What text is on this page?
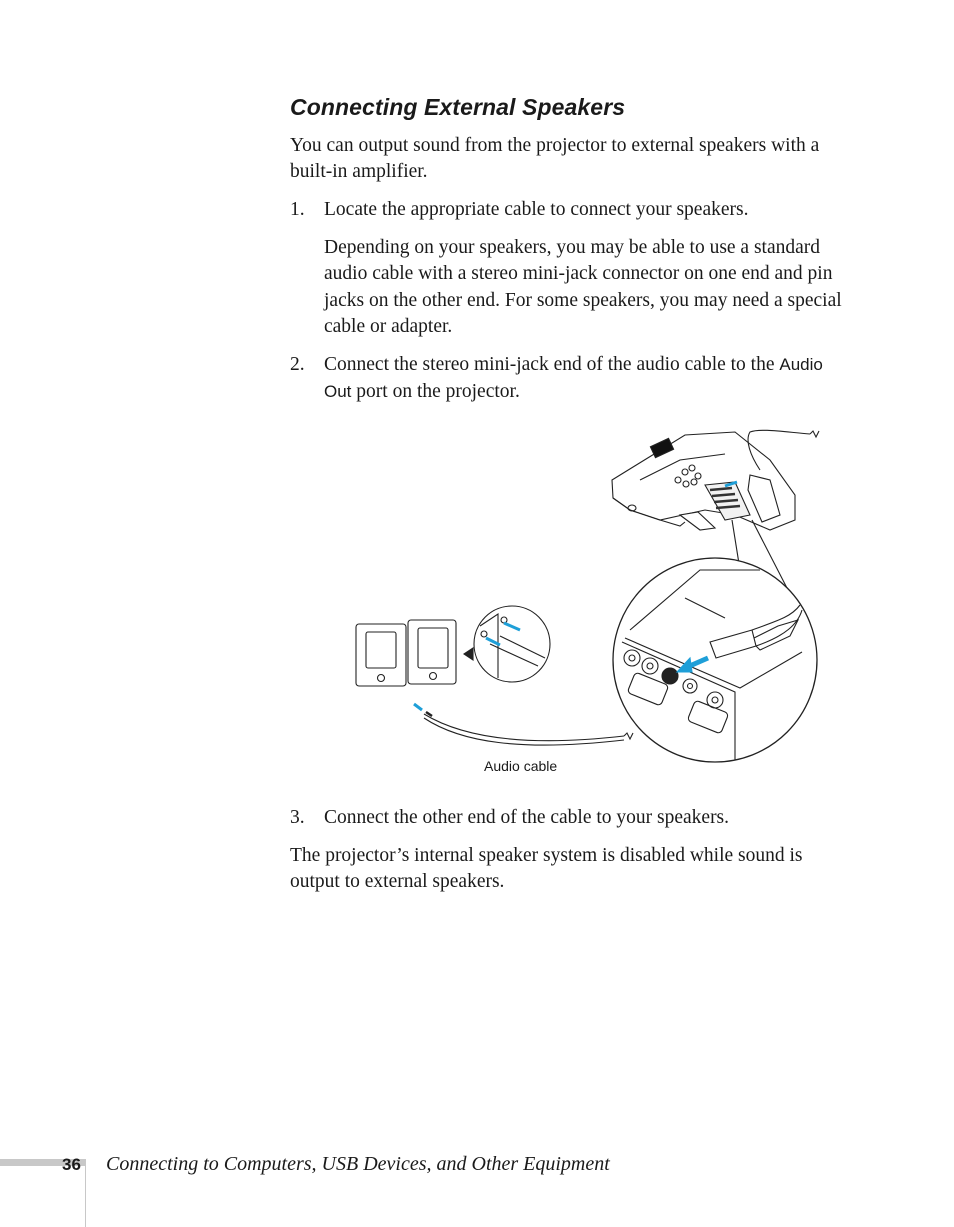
Connecting External Speakers

You can output sound from the projector to external speakers with a

built-in amplifier.

1. Locate the appropriate cable to connect your speakers.

Depending on your speakers, you may be able to use a standard

audio cable with a stereo mini-jack connector on one end and pin

jacks on the other end. For some speakers, you may need a special

cable or adapter.

2. Connect the stereo mini-jack end of the audio cable to the Audio

Out port on the projector.

Audio cable
3. Connect the other end of the cable to your speakers.

The projector’s internal speaker system is disabled while sound is

output to external speakers.

36 Connecting to Computers, USB Devices, and Other Equipment
